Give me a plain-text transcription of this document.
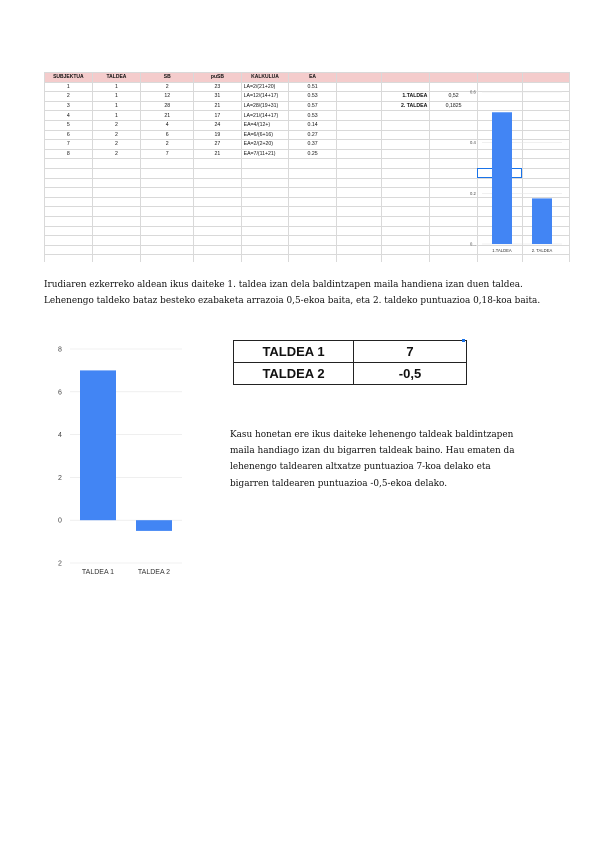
SUBJEKTUA	TALDEA	SB	puSB	KALKULUA	EA					
1	1	2	23	LA=2/(21+20)	0.51					
2	1	12	31	LA=12/(14+17)	0.53		1.TALDEA	0,52		
3	1	28	21	LA=28/(19+31)	0.57		2. TALDEA	0,1825		
4	1	21	17	LA=21/(14+17)	0.53					
5	2	4	24	EA=4/(12+)	0.14					
6	2	6	19	EA=6/(6+16)	0.27					
7	2	2	27	EA=2/(2+20)	0.37					
8	2	7	21	EA=7/(11+21)	0.25					

0...
0.2
0.4
0.6
1.TALDEA	2. TALDEA

Irudiaren ezkerreko aldean ikus daiteke 1. taldea izan dela baldintzapen maila handiena izan duen taldea. Lehenengo taldeko bataz besteko ezabaketa arrazoia 0,5-ekoa baita, eta 2. taldeko puntuazioa 0,18-koa baita.

2
0
2
4
6
8
TALDEA 1	TALDEA 2
TALDEA 1	7
TALDEA 2	-0,5

Kasu honetan ere ikus daiteke lehenengo taldeak baldintzapen maila handiago izan du bigarren taldeak baino. Hau ematen da lehenengo taldearen altxatze puntuazioa 7-koa delako eta bigarren taldearen puntuazioa -0,5-ekoa delako.
